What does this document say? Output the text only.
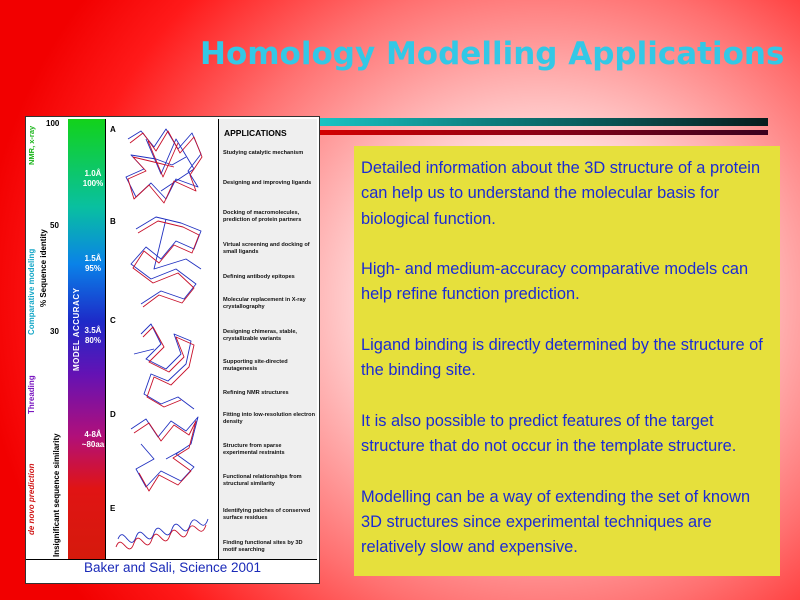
Homology Modelling Applications
NMR, x-ray
Comparative modeling
Threading
de novo prediction
% Sequence identity
Insignificant sequence similarity
100
50
30 MODEL ACCURACY
1.0Å
100%
1.5Å
95%
3.5Å
80%
4-8Å
~80aa
A
B
C
D
E
APPLICATIONS
Studying catalytic mechanism
Designing and improving ligands
Docking of macromolecules, prediction of protein partners
Virtual screening and docking of small ligands
Defining antibody epitopes
Molecular replacement in X-ray crystallography
Designing chimeras, stable, crystallizable variants
Supporting site-directed mutagenesis
Refining NMR structures
Fitting into low-resolution electron density
Structure from sparse experimental restraints
Functional relationships from structural similarity
Identifying patches of conserved surface residues
Finding functional sites by 3D motif searching
Baker and Sali, Science 2001

Detailed information about the 3D structure of a protein can help us to understand the molecular basis for biological function.

High- and medium-accuracy comparative models can help refine function prediction.

Ligand binding is directly determined by the structure of the binding site.

It is also possible to predict features of the target structure that do not occur in the template structure.

Modelling can be a way of extending the set of known 3D structures since experimental techniques are relatively slow and expensive.
